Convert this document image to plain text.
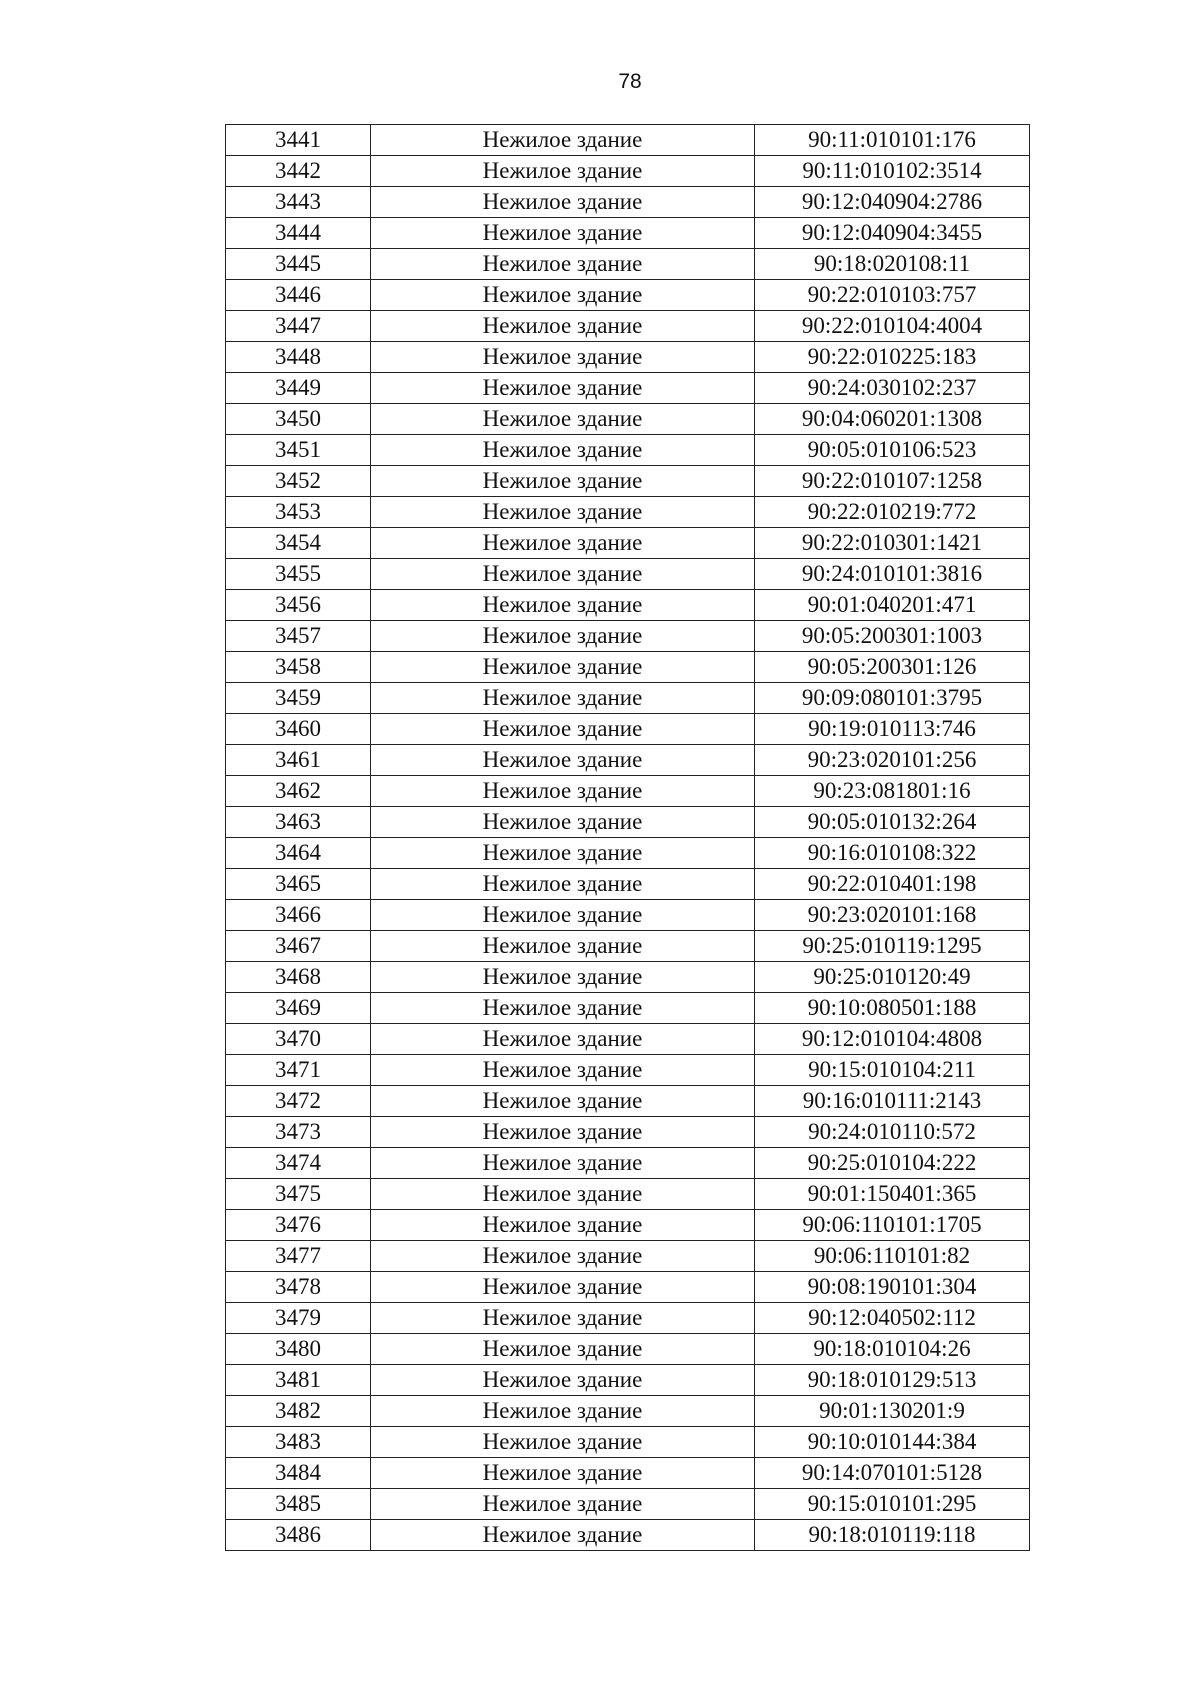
78
3441	Нежилое здание	90:11:010101:176
3442	Нежилое здание	90:11:010102:3514
3443	Нежилое здание	90:12:040904:2786
3444	Нежилое здание	90:12:040904:3455
3445	Нежилое здание	90:18:020108:11
3446	Нежилое здание	90:22:010103:757
3447	Нежилое здание	90:22:010104:4004
3448	Нежилое здание	90:22:010225:183
3449	Нежилое здание	90:24:030102:237
3450	Нежилое здание	90:04:060201:1308
3451	Нежилое здание	90:05:010106:523
3452	Нежилое здание	90:22:010107:1258
3453	Нежилое здание	90:22:010219:772
3454	Нежилое здание	90:22:010301:1421
3455	Нежилое здание	90:24:010101:3816
3456	Нежилое здание	90:01:040201:471
3457	Нежилое здание	90:05:200301:1003
3458	Нежилое здание	90:05:200301:126
3459	Нежилое здание	90:09:080101:3795
3460	Нежилое здание	90:19:010113:746
3461	Нежилое здание	90:23:020101:256
3462	Нежилое здание	90:23:081801:16
3463	Нежилое здание	90:05:010132:264
3464	Нежилое здание	90:16:010108:322
3465	Нежилое здание	90:22:010401:198
3466	Нежилое здание	90:23:020101:168
3467	Нежилое здание	90:25:010119:1295
3468	Нежилое здание	90:25:010120:49
3469	Нежилое здание	90:10:080501:188
3470	Нежилое здание	90:12:010104:4808
3471	Нежилое здание	90:15:010104:211
3472	Нежилое здание	90:16:010111:2143
3473	Нежилое здание	90:24:010110:572
3474	Нежилое здание	90:25:010104:222
3475	Нежилое здание	90:01:150401:365
3476	Нежилое здание	90:06:110101:1705
3477	Нежилое здание	90:06:110101:82
3478	Нежилое здание	90:08:190101:304
3479	Нежилое здание	90:12:040502:112
3480	Нежилое здание	90:18:010104:26
3481	Нежилое здание	90:18:010129:513
3482	Нежилое здание	90:01:130201:9
3483	Нежилое здание	90:10:010144:384
3484	Нежилое здание	90:14:070101:5128
3485	Нежилое здание	90:15:010101:295
3486	Нежилое здание	90:18:010119:118
